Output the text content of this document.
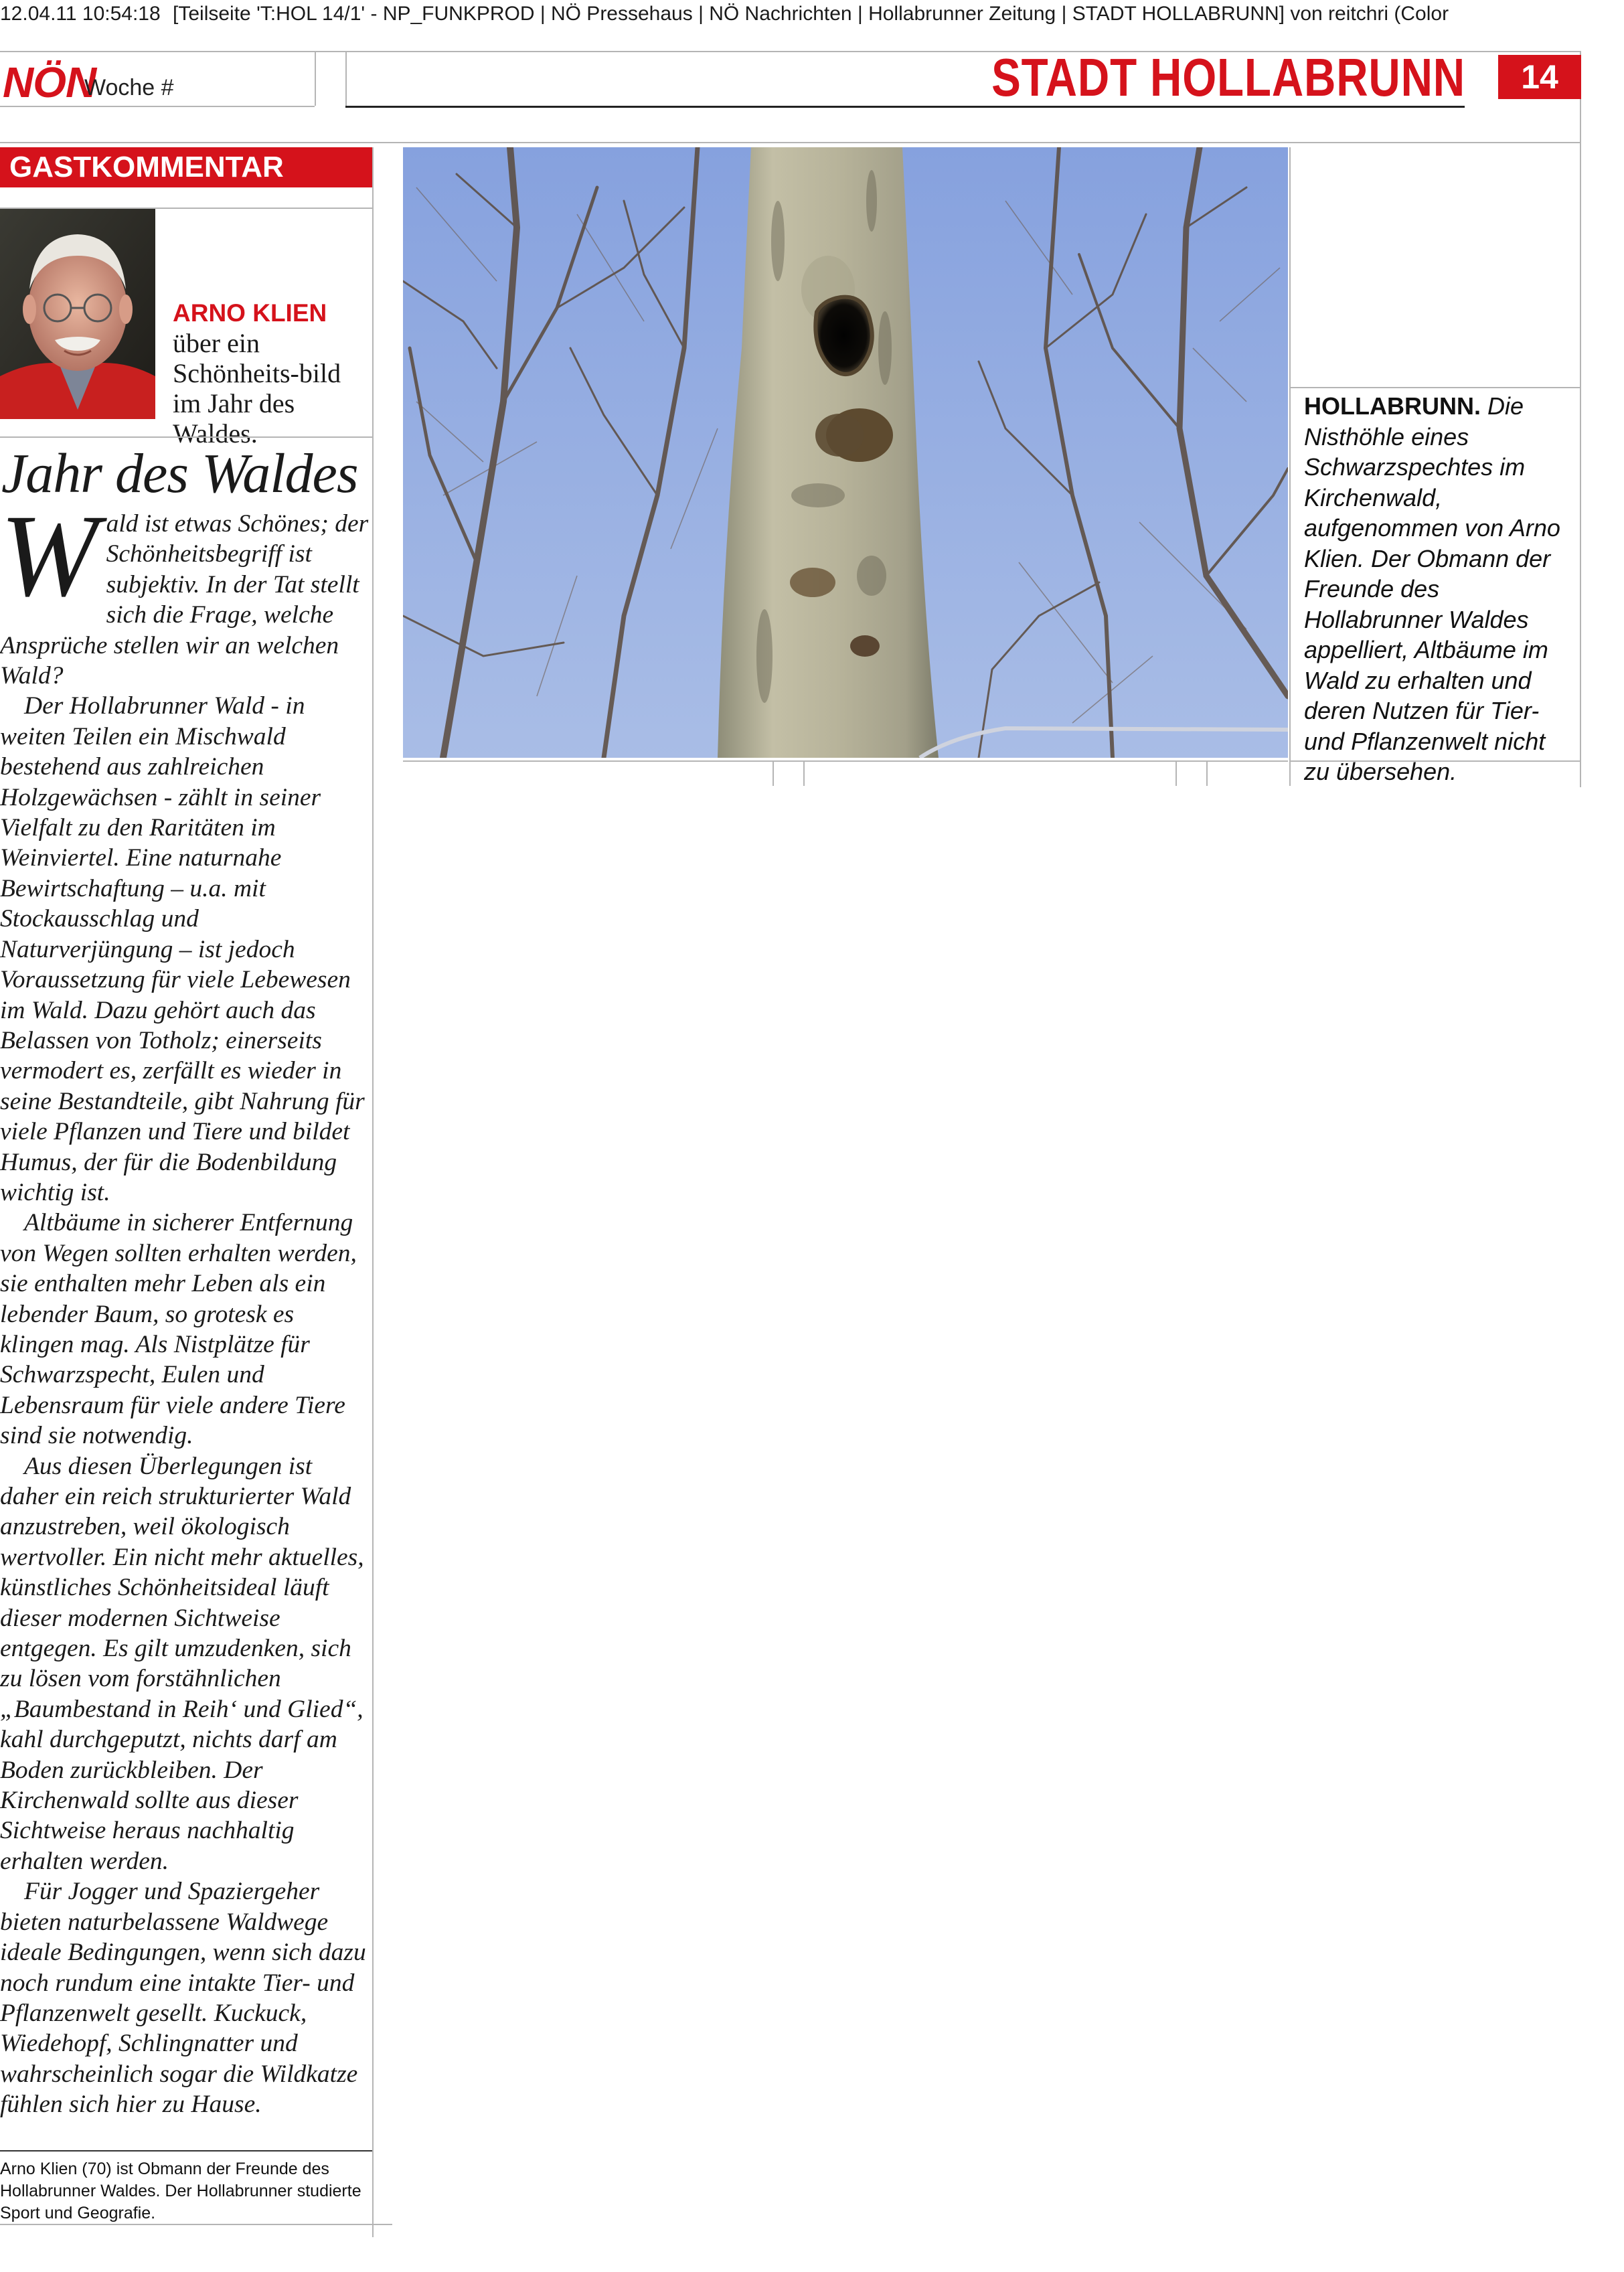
12.04.11 10:54:18 [Teilseite 'T:HOL 14/1' - NP_FUNKPROD | NÖ Pressehaus | NÖ Nachrichten | Hollabrunner Zeitung | STADT HOLLABRUNN] von reitchri (Color
NÖN
Woche #	STADT HOLLABRUNN	14
GASTKOMMENTAR
ARNO KLIEN über ein Schönheits-bild im Jahr des Waldes.
Jahr des Waldes

Wald ist etwas Schönes; der Schönheitsbegriff ist subjektiv. In der Tat stellt sich die Frage, welche Ansprüche stellen wir an welchen Wald?

Der Hollabrunner Wald - in weiten Teilen ein Mischwald bestehend aus zahlreichen Holzgewächsen - zählt in seiner Vielfalt zu den Raritäten im Weinviertel. Eine naturnahe Bewirtschaftung – u.a. mit Stockausschlag und Naturverjüngung – ist jedoch Voraussetzung für viele Lebewesen im Wald. Dazu gehört auch das Belassen von Totholz; einerseits vermodert es, zerfällt es wieder in seine Bestandteile, gibt Nahrung für viele Pflanzen und Tiere und bildet Humus, der für die Bodenbildung wichtig ist.

Altbäume in sicherer Entfernung von Wegen sollten erhalten werden, sie enthalten mehr Leben als ein lebender Baum, so grotesk es klingen mag. Als Nistplätze für Schwarzspecht, Eulen und Lebensraum für viele andere Tiere sind sie notwendig.

Aus diesen Überlegungen ist daher ein reich strukturierter Wald anzustreben, weil ökologisch wertvoller. Ein nicht mehr aktuelles, künstliches Schönheitsideal läuft dieser modernen Sichtweise entgegen. Es gilt umzudenken, sich zu lösen vom forstähnlichen „Baumbestand in Reih‘ und Glied“, kahl durchgeputzt, nichts darf am Boden zurückbleiben. Der Kirchenwald sollte aus dieser Sichtweise heraus nachhaltig erhalten werden.

Für Jogger und Spaziergeher bieten naturbelassene Waldwege ideale Bedingungen, wenn sich dazu noch rundum eine intakte Tier- und Pflanzenwelt gesellt. Kuckuck, Wiedehopf, Schlingnatter und wahrscheinlich sogar die Wildkatze fühlen sich hier zu Hause.

Arno Klien (70) ist Obmann der Freunde des Hollabrunner Waldes. Der Hollabrunner studierte Sport und Geografie.
HOLLABRUNN. Die Nisthöhle eines Schwarzspechtes im Kirchenwald, aufgenommen von Arno Klien. Der Obmann der Freunde des Hollabrunner Waldes appelliert, Altbäume im Wald zu erhalten und deren Nutzen für Tier- und Pflanzenwelt nicht zu übersehen.
